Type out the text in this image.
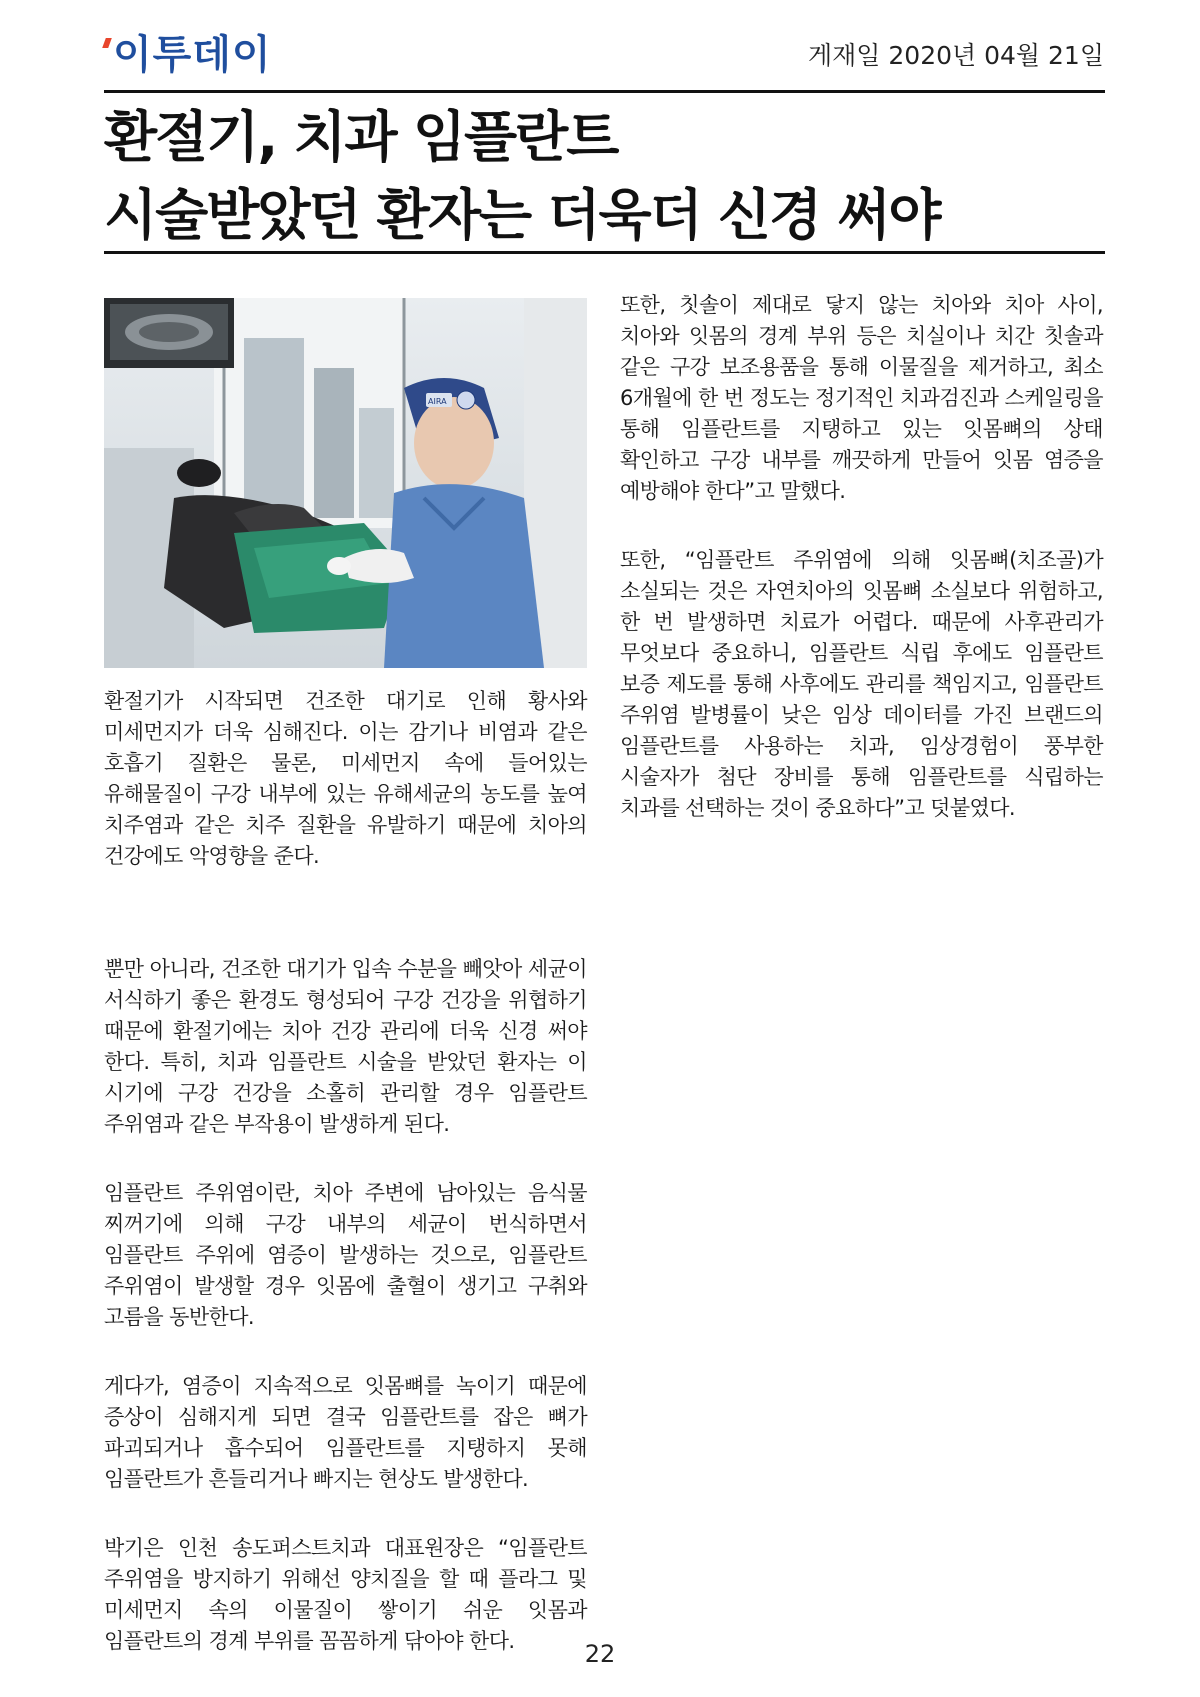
이투데이	게재일 2020년 04월 21일
환절기, 치과 임플란트
시술받았던 환자는 더욱더 신경 써야
AIRA

환절기가 시작되면 건조한 대기로 인해 황사와 미세먼지가 더욱 심해진다. 이는 감기나 비염과 같은 호흡기 질환은 물론, 미세먼지 속에 들어있는 유해물질이 구강 내부에 있는 유해세균의 농도를 높여 치주염과 같은 치주 질환을 유발하기 때문에 치아의 건강에도 악영향을 준다.

뿐만 아니라, 건조한 대기가 입속 수분을 빼앗아 세균이 서식하기 좋은 환경도 형성되어 구강 건강을 위협하기 때문에 환절기에는 치아 건강 관리에 더욱 신경 써야 한다. 특히, 치과 임플란트 시술을 받았던 환자는 이 시기에 구강 건강을 소홀히 관리할 경우 임플란트 주위염과 같은 부작용이 발생하게 된다.

임플란트 주위염이란, 치아 주변에 남아있는 음식물 찌꺼기에 의해 구강 내부의 세균이 번식하면서 임플란트 주위에 염증이 발생하는 것으로, 임플란트 주위염이 발생할 경우 잇몸에 출혈이 생기고 구취와 고름을 동반한다.

게다가, 염증이 지속적으로 잇몸뼈를 녹이기 때문에 증상이 심해지게 되면 결국 임플란트를 잡은 뼈가 파괴되거나 흡수되어 임플란트를 지탱하지 못해 임플란트가 흔들리거나 빠지는 현상도 발생한다.

박기은 인천 송도퍼스트치과 대표원장은 “임플란트 주위염을 방지하기 위해선 양치질을 할 때 플라그 및 미세먼지 속의 이물질이 쌓이기 쉬운 잇몸과 임플란트의 경계 부위를 꼼꼼하게 닦아야 한다.

또한, 칫솔이 제대로 닿지 않는 치아와 치아 사이, 치아와 잇몸의 경계 부위 등은 치실이나 치간 칫솔과 같은 구강 보조용품을 통해 이물질을 제거하고, 최소 6개월에 한 번 정도는 정기적인 치과검진과 스케일링을 통해 임플란트를 지탱하고 있는 잇몸뼈의 상태 확인하고 구강 내부를 깨끗하게 만들어 잇몸 염증을 예방해야 한다”고 말했다.

또한, “임플란트 주위염에 의해 잇몸뼈(치조골)가 소실되는 것은 자연치아의 잇몸뼈 소실보다 위험하고, 한 번 발생하면 치료가 어렵다. 때문에 사후관리가 무엇보다 중요하니, 임플란트 식립 후에도 임플란트 보증 제도를 통해 사후에도 관리를 책임지고, 임플란트 주위염 발병률이 낮은 임상 데이터를 가진 브랜드의 임플란트를 사용하는 치과, 임상경험이 풍부한 시술자가 첨단 장비를 통해 임플란트를 식립하는 치과를 선택하는 것이 중요하다”고 덧붙였다.

22
